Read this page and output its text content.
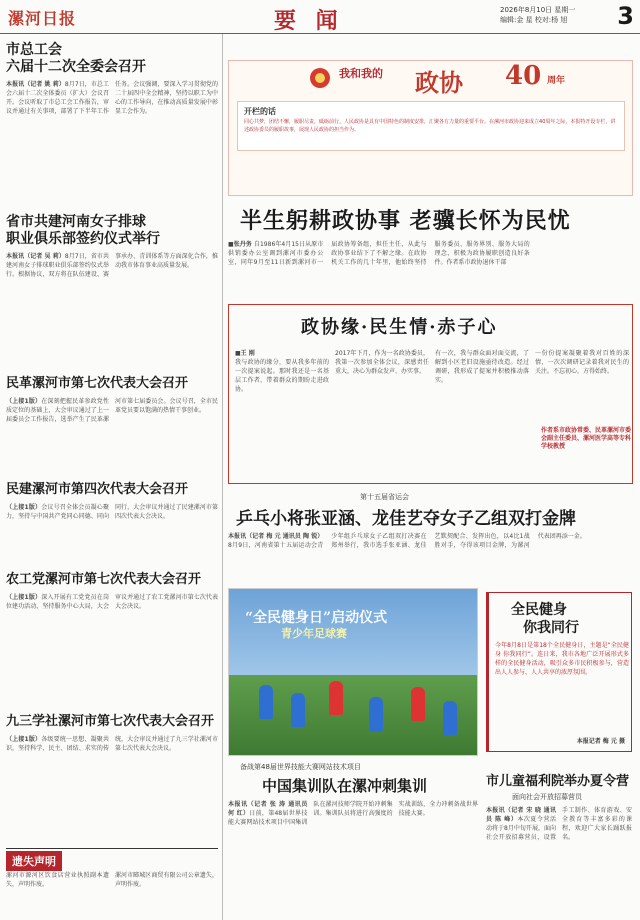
漯河日报	要 闻	2026年8月10日 星期一
编辑:金 星 校对:杨 旭	3
市总工会
六届十二次全委会召开
本报讯（记者 姚 莉）8月7日，市总工会六届十二次全体委员（扩大）会议召开。会议听取了市总工会工作报告，审议并通过有关事项，部署了下半年工作任务。会议强调，要深入学习贯彻党的二十届四中全会精神，坚持以职工为中心的工作导向，在推动高质量发展中彰显工会作为。
省市共建河南女子排球
职业俱乐部签约仪式举行
本报讯（记者 吴 莉）8月7日，省市共建河南女子排球职业俱乐部签约仪式举行。根据协议，双方将在队伍建设、赛事承办、青训体系等方面深化合作，推动我市体育事业高质量发展。
民革漯河市第七次代表大会召开
（上接1版）在深刻把握民革参政党性质定位的基础上，大会审议通过了上一届委员会工作报告，选举产生了民革漯河市第七届委员会。会议号召，全市民革党员要以饱满的热情干事创业。
民建漯河市第四次代表大会召开
（上接1版）会议号召全体会员凝心聚力，坚持与中国共产党同心同德、同向同行，大会审议并通过了民建漯河市第四次代表大会决议。
农工党漯河市第七次代表大会召开
（上接1版）深入开展有工党党员在岗位建功活动，坚持服务中心大局，大会审议并通过了农工党漯河市第七次代表大会决议。
九三学社漯河市第七次代表大会召开
（上接1版）各级要统一思想、凝聚共识，坚持科学、民主、团结、求实的传统，大会审议并通过了九三学社漯河市第七次代表大会决议。
遗失声明
漯河市源河区饮食店营业执照副本遗失，声明作废。
漯河市郾城区商贸有限公司公章遗失，声明作废。
我和我的 政协 40 周年
开栏的话
同心共梦，团结不懈，履职尽责，砥砺前行。人民政协是具有中国特色的制度安排，汇聚各方力量的重要平台。在漯河市政协迎来成立40周年之际，本报特开设专栏，讲述政协委员的履职故事，展现人民政协的担当作为。
半生躬耕政协事 老骥长怀为民忧
■张丹务 自1986年4月15日从原市供销委办公室调到漯河市委办公室，同年9月至11日新到漯河市一届政协筹备组，担任主任，从此与政协事业结下了不解之缘。在政协机关工作的几十年里，他始终坚持服务委员、服务界别、服务大局的理念，积极为政协履职创造良好条件。作者系市政协退休干部
政协缘·民生情·赤子心
■王 刚
我与政协的缘分，要从我多年前的一次提案说起。那时我还是一名基层工作者，带着群众的期盼走进政协。
2017年下月，作为一名政协委员，我第一次参加全体会议，深感责任重大，决心为群众发声、办实事。
有一次，我与群众面对面交流，了解到小区老旧设施亟待改造。经过调研，我形成了提案并积极推动落实。
一份份提案凝聚着我对百姓的深情，一次次调研记录着我对民生的关注。不忘初心，方得始终。
作者系市政协常委、民革漯河市委会副主任委员、漯河医学高等专科学校教授
第十五届省运会
乒乓小将张亚涵、龙佳艺夺女子乙组双打金牌
本报讯（记者 梅 元 通讯员 陶 锐）8月9日，河南省第十五届运动会青少年组乒乓球女子乙组双打决赛在郑州举行，我市选手张亚涵、龙佳艺默契配合、发挥出色，以4比1战胜对手，夺得该项目金牌，为漯河代表团再添一金。
“全民健身日”启动仪式
青少年足球赛
全民健身
你我同行
今年8月8日是第18个全民健身日，主题是“全民健身 你我同行”。连日来，我市各地广泛开展形式多样的全民健身活动，吸引众多市民积极参与，营造出人人参与、人人共享的浓厚氛围。
本报记者 梅 元 摄
备战第48届世界技能大赛网站技术项目
中国集训队在漯冲刺集训
本报讯（记者 张 涛 通讯员 何 红）日前，第48届世界技能大赛网站技术项目中国集训队在漯河技师学院开始冲刺集训。集训队员将进行高强度的实战训练，全力冲刺备战世界技能大赛。
市儿童福利院举办夏令营
面向社会开放招募营员
本报讯（记者 宋 晓 通讯员 陈 峰）本次夏令营活动将于8月中旬开展，面向社会开放招募营员，设置手工制作、体育游戏、安全教育等丰富多彩的课程，欢迎广大家长踊跃报名。
